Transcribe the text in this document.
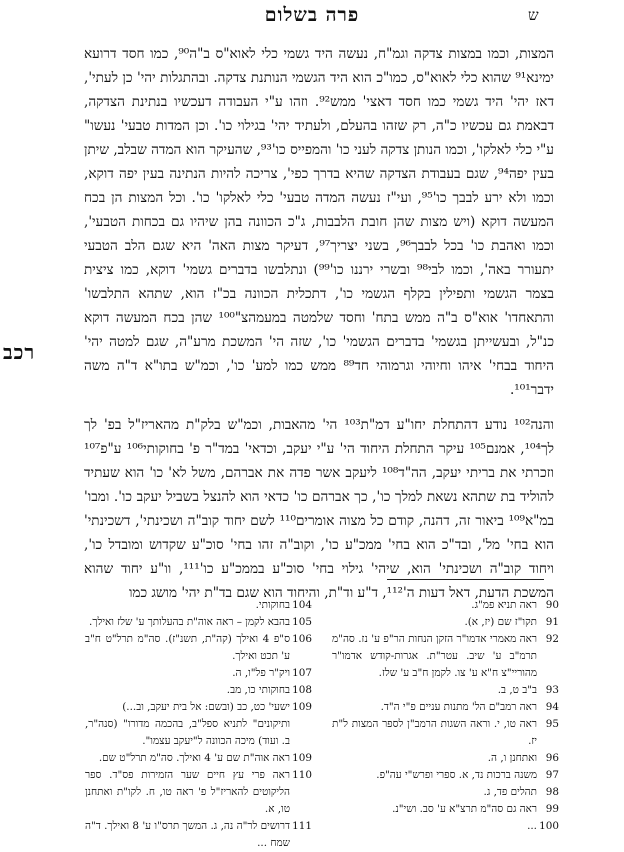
ש
פרה בשלום
רכב

המצות, וכמו במצות צדקה וגמ"ח, נעשה היד גשמי כלי לאוא"ס ב"ה⁹⁰, כמו חסד דרועא ימינא⁹¹ שהוא כלי לאוא"ס, כמו"כ הוא היד הגשמי הנותנת צדקה. ובהתגלות יהי' כן לעתי', דאז יהי' היד גשמי כמו חסד דאצי' ממש⁹². וזהו ע"י העבודה דעכשיו בנתינת הצדקה, דבאמת גם עכשיו כ"ה, רק שזהו בהעלם, ולעתיד יהי' בגילוי כו'. וכן המדות טבעי' נעשו" ע"י כלי לאלקו', וכמו הנותן צדקה לעני כו' והמפייס כו'⁹³, שהעיקר הוא המדה שבלב, שיתן בעין יפה⁹⁴, שגם בעבודת הצדקה שהיא בדרך כפי', צריכה להיות הנתינה בעין יפה דוקא, וכמו ולא ירע לבבך כו'⁹⁵, ועי"ז נעשה המדה טבעי' כלי לאלקו' כו'. וכל המצות הן בכח המעשה דוקא (ויש מצות שהן חובת הלבבות, ג"כ הכוונה בהן שיהיו גם בכחות הטבעי', וכמו ואהבת כו' בכל לבבך⁹⁶, בשני יצריך⁹⁷, דעיקר מצות האה' היא שגם הלב הטבעי יתעורר באה', וכמו לבי⁹⁸ ובשרי ירננו כו'⁹⁹) ונתלבשו בדברים גשמי' דוקא, כמו ציצית בצמר הגשמי ותפילין בקלף הגשמי כו', דתכלית הכוונה בכ"ז הוא, שתהא התלבשו' והתאחדו' אוא"ס ב"ה ממש בתח' וחסד שלמטה במעמהצ"¹⁰⁰ שהן בכח המעשה דוקא כנ"ל, ובעשייתן בגשמי' בדברים הגשמי' כו', שזה הי' המשכת מרע"ה, שגם למטה יהי' היחוד בבחי' איהו וחיוהי וגרמוהי חד⁸⁹ ממש כמו למע' כו', וכמ"ש בתו"א ד"ה משה ידבר¹⁰¹.

והנה¹⁰² נודע דהתחלת יחו"ע דמ"ת¹⁰³ הי' מהאבות, וכמ"ש בלק"ת מהאריז"ל בפ' לך לך¹⁰⁴, אמנם¹⁰⁵ עיקר התחלת היחוד הי' ע"י יעקב, וכדאי' במד"ר פ' בחוקותי¹⁰⁶ ע"פ¹⁰⁷ וזכרתי את בריתי יעקב, הה"ד¹⁰⁸ ליעקב אשר פדה את אברהם, משל לא' כו' הוא שעתיד להוליד בת שתהא נשאת למלך כו', כך אברהם כו' כדאי הוא להנצל בשביל יעקב כו'. ומבו' במ"א¹⁰⁹ ביאור זה, דהנה, קודם כל מצוה אומרים¹¹⁰ לשם יחוד קוב"ה ושכינתי', דשכינתי' הוא בחי' מל', ובד"כ הוא בחי' ממכ"ע כו', וקוב"ה זהו בחי' סוכ"ע שקדוש ומובדל כו', ויחוד קוב"ה ושכינתי' הוא, שיהי' גילוי בחי' סוכ"ע בממכ"ע כו'¹¹¹, וו"ע יחוד שהוא המשכת הדעת, דאל דעות ה'¹¹², ד"ע וד"ת, והיחוד הוא שגם בד"ת יהי' מושג כמו

90
ראה תניא פמ"ג.
91
תקו"ז שם (יז, א).
92
ראה מאמרי אדמו"ר הזקן הנחות הר"פ ע' נז. סה"מ תרמ"ב ע' שיב. עטר"ת. אגרות-קודש אדמו"ר מהוריי"צ ח"א ע' צו. לקמן ח"ב ע' שלז.
93
ב"ב ט, ב.
94
ראה רמב"ם הל' מתנות עניים פ"י ה"ד.
95
ראה טו, י. וראה השגות הרמב"ן לספר המצות ל"ת יז.
96
ואתחנן ו, ה.
97
משנה ברכות נד, א. ספרי ופרש"י עה"פ.
98
תהלים פד, ג.
99
ראה גם סה"מ תרצ"א ע' סב. ושי"נ.
100
...
104
בחוקותי.
105
בהבא לקמן – ראה אוה"ת בהעלותך ע' שלז ואילך.
106
ס"פ 4 ואילך (קה"ת, תשנ"ז). סה"מ תרל"ט ח"ב ע' תכט ואילך.
107
ויק"ר פל"ו, ה.
108
בחוקותי כו, מב.
109
ישעי' כט, כב (ובשם: אל בית יעקב, וב...)
ותיקונים" לתניא ספל"ב, בהכמה מדורו" (סנה"ר, ב. ועוד) מיכה הכוונה ל"יעקב עצמו".
109
ראה אוה"ת שם ע' 4 ואילך. סה"מ תרל"ט שם.
110
ראה פרי עץ חיים שער הזמירות פס"ד. ספר הליקוטים להאריז"ל פ' ראה טו, ח. לקו"ת ואתחנן טו, א.
111
דרושים לר"ה נה, ג. המשך תרס"ו ע' 8 ואילך. ד"ה שמח ...
